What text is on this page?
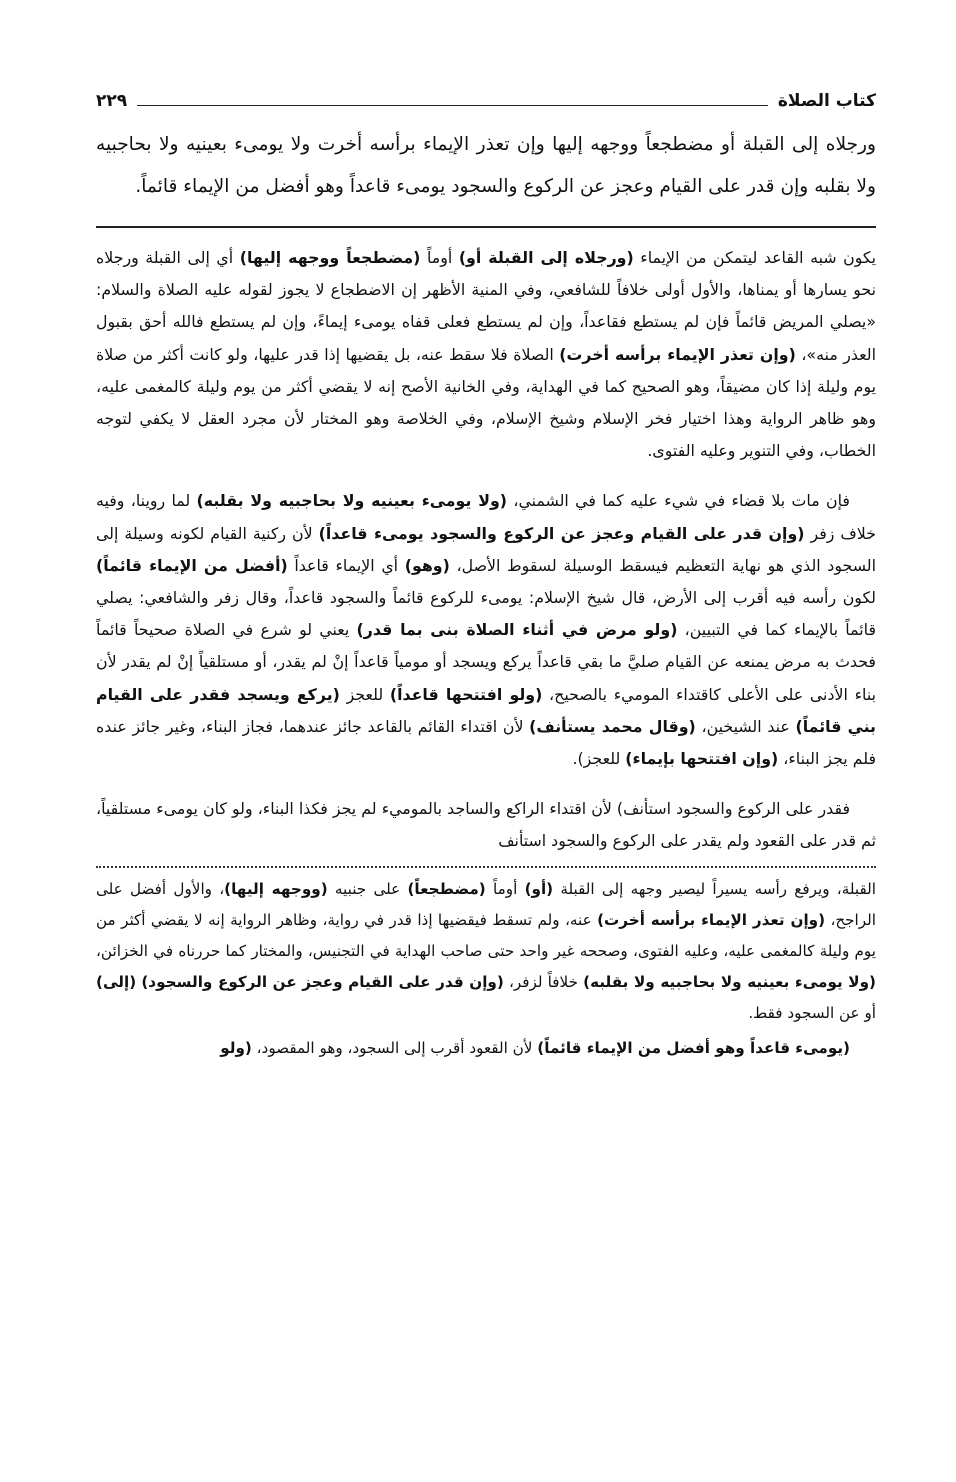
كتاب الصلاة
٢٢٩

ورجلاه إلى القبلة أو مضطجعاً ووجهه إليها وإن تعذر الإيماء برأسه أخرت ولا يومىء بعينيه ولا بحاجبيه ولا بقلبه وإن قدر على القيام وعجز عن الركوع والسجود يومىء قاعداً وهو أفضل من الإيماء قائماً.

يكون شبه القاعد ليتمكن من الإيماء (ورجلاه إلى القبلة أو) أوماً (مضطجعاً ووجهه إليها) أي إلى القبلة ورجلاه نحو يسارها أو يمناها، والأول أولى خلافاً للشافعي، وفي المنية الأظهر إن الاضطجاع لا يجوز لقوله عليه الصلاة والسلام: «يصلي المريض قائماً فإن لم يستطع فقاعداً، وإن لم يستطع فعلى قفاه يومىء إيماءً، وإن لم يستطع فالله أحق بقبول العذر منه»، (وإن تعذر الإيماء برأسه أخرت) الصلاة فلا سقط عنه، بل يقضيها إذا قدر عليها، ولو كانت أكثر من صلاة يوم وليلة إذا كان مضيقاً، وهو الصحيح كما في الهداية، وفي الخانية الأصح إنه لا يقضي أكثر من يوم وليلة كالمغمى عليه، وهو ظاهر الرواية وهذا اختيار فخر الإسلام وشيخ الإسلام، وفي الخلاصة وهو المختار لأن مجرد العقل لا يكفي لتوجه الخطاب، وفي التنوير وعليه الفتوى.

فإن مات بلا قضاء في شيء عليه كما في الشمني، (ولا يومىء بعينيه ولا بحاجبيه ولا بقلبه) لما روينا، وفيه خلاف زفر (وإن قدر على القيام وعجز عن الركوع والسجود يومىء قاعداً) لأن ركنية القيام لكونه وسيلة إلى السجود الذي هو نهاية التعظيم فيسقط الوسيلة لسقوط الأصل، (وهو) أي الإيماء قاعداً (أفضل من الإيماء قائماً) لكون رأسه فيه أقرب إلى الأرض، قال شيخ الإسلام: يومىء للركوع قائماً والسجود قاعداً، وقال زفر والشافعي: يصلي قائماً بالإيماء كما في التبيين، (ولو مرض في أثناء الصلاة بنى بما قدر) يعني لو شرع في الصلاة صحيحاً قائماً فحدث به مرض يمنعه عن القيام صليَّ ما بقي قاعداً يركع ويسجد أو مومياً قاعداً إنْ لم يقدر، أو مستلقياً إنْ لم يقدر لأن بناء الأدنى على الأعلى كاقتداء الموميء بالصحيح، (ولو افتتحها قاعداً) للعجز (يركع ويسجد فقدر على القيام بني قائماً) عند الشيخين، (وقال محمد يستأنف) لأن اقتداء القائم بالقاعد جائز عندهما، فجاز البناء، وغير جائز عنده فلم يجز البناء، (وإن افتتحها بإيماء) للعجز).

فقدر على الركوع والسجود استأنف) لأن اقتداء الراكع والساجد بالموميء لم يجز فكذا البناء، ولو كان يومىء مستلقياً، ثم قدر على القعود ولم يقدر على الركوع والسجود استأنف

القبلة، ويرفع رأسه يسيراً ليصير وجهه إلى القبلة (أو) أوماً (مضطجعاً) على جنبيه (ووجهه إليها)، والأول أفضل على الراجح، (وإن تعذر الإيماء برأسه أخرت) عنه، ولم تسقط فيقضيها إذا قدر في رواية، وظاهر الرواية إنه لا يقضي أكثر من يوم وليلة كالمغمى عليه، وعليه الفتوى، وصححه غير واحد حتى صاحب الهداية في التجنيس، والمختار كما حررناه في الخزائن، (ولا يومىء بعينيه ولا بحاجبيه ولا بقلبه) خلافاً لزفر، (وإن قدر على القيام وعجز عن الركوع والسجود) (إلى) أو عن السجود فقط.

(يومىء قاعداً وهو أفضل من الإيماء قائماً) لأن القعود أقرب إلى السجود، وهو المقصود، (ولو
